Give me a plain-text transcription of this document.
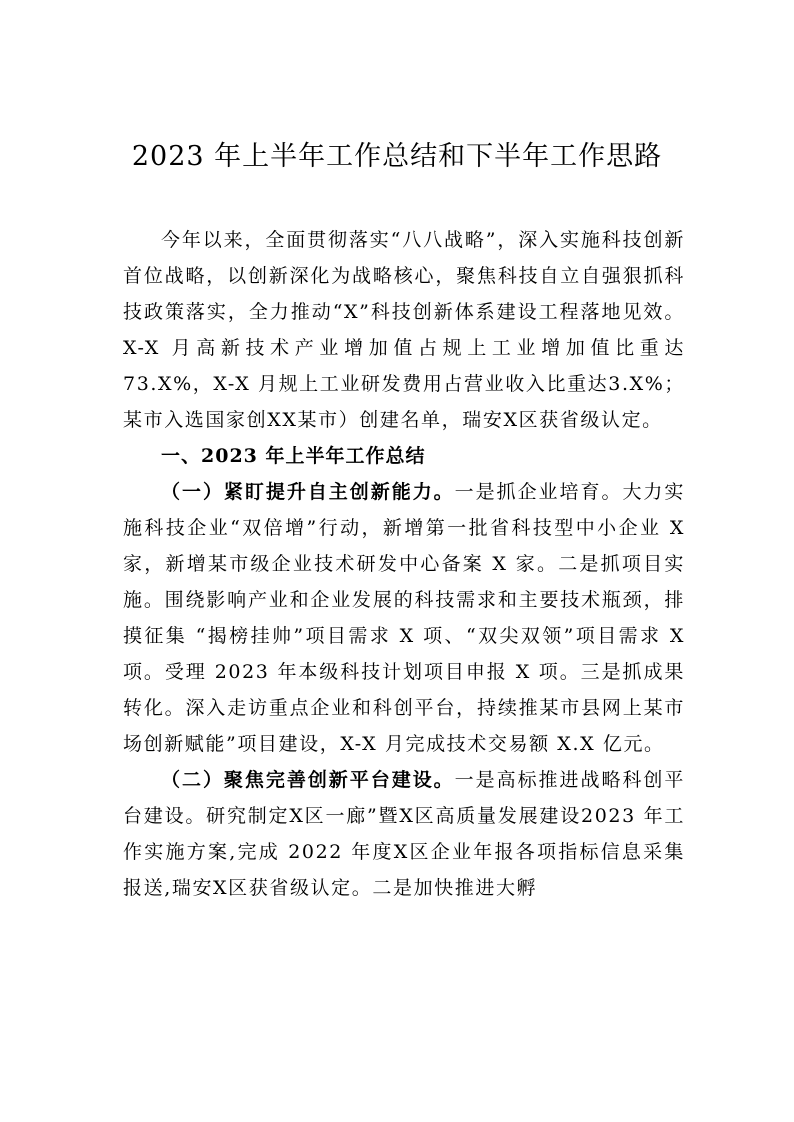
2023 年上半年工作总结和下半年工作思路

今年以来，全面贯彻落实“八八战略”，深入实施科技创新首位战略，以创新深化为战略核心，聚焦科技自立自强狠抓科技政策落实，全力推动“X”科技创新体系建设工程落地见效。X-X 月高新技术产业增加值占规上工业增加值比重达 73.X%，X-X 月规上工业研发费用占营业收入比重达3.X%；某市入选国家创XX某市）创建名单，瑞安X区获省级认定。

一、2023 年上半年工作总结

（一）紧盯提升自主创新能力。一是抓企业培育。大力实施科技企业“双倍增”行动，新增第一批省科技型中小企业 X 家，新增某市级企业技术研发中心备案 X 家。二是抓项目实施。围绕影响产业和企业发展的科技需求和主要技术瓶颈，排摸征集 “揭榜挂帅”项目需求 X 项、“双尖双领”项目需求 X 项。受理 2023 年本级科技计划项目申报 X 项。三是抓成果转化。深入走访重点企业和科创平台，持续推某市县网上某市场创新赋能”项目建设，X-X 月完成技术交易额 X.X 亿元。

（二）聚焦完善创新平台建设。一是高标推进战略科创平台建设。研究制定X区一廊”暨X区高质量发展建设2023 年工作实施方案,完成 2022 年度X区企业年报各项指标信息采集报送,瑞安X区获省级认定。二是加快推进大孵
